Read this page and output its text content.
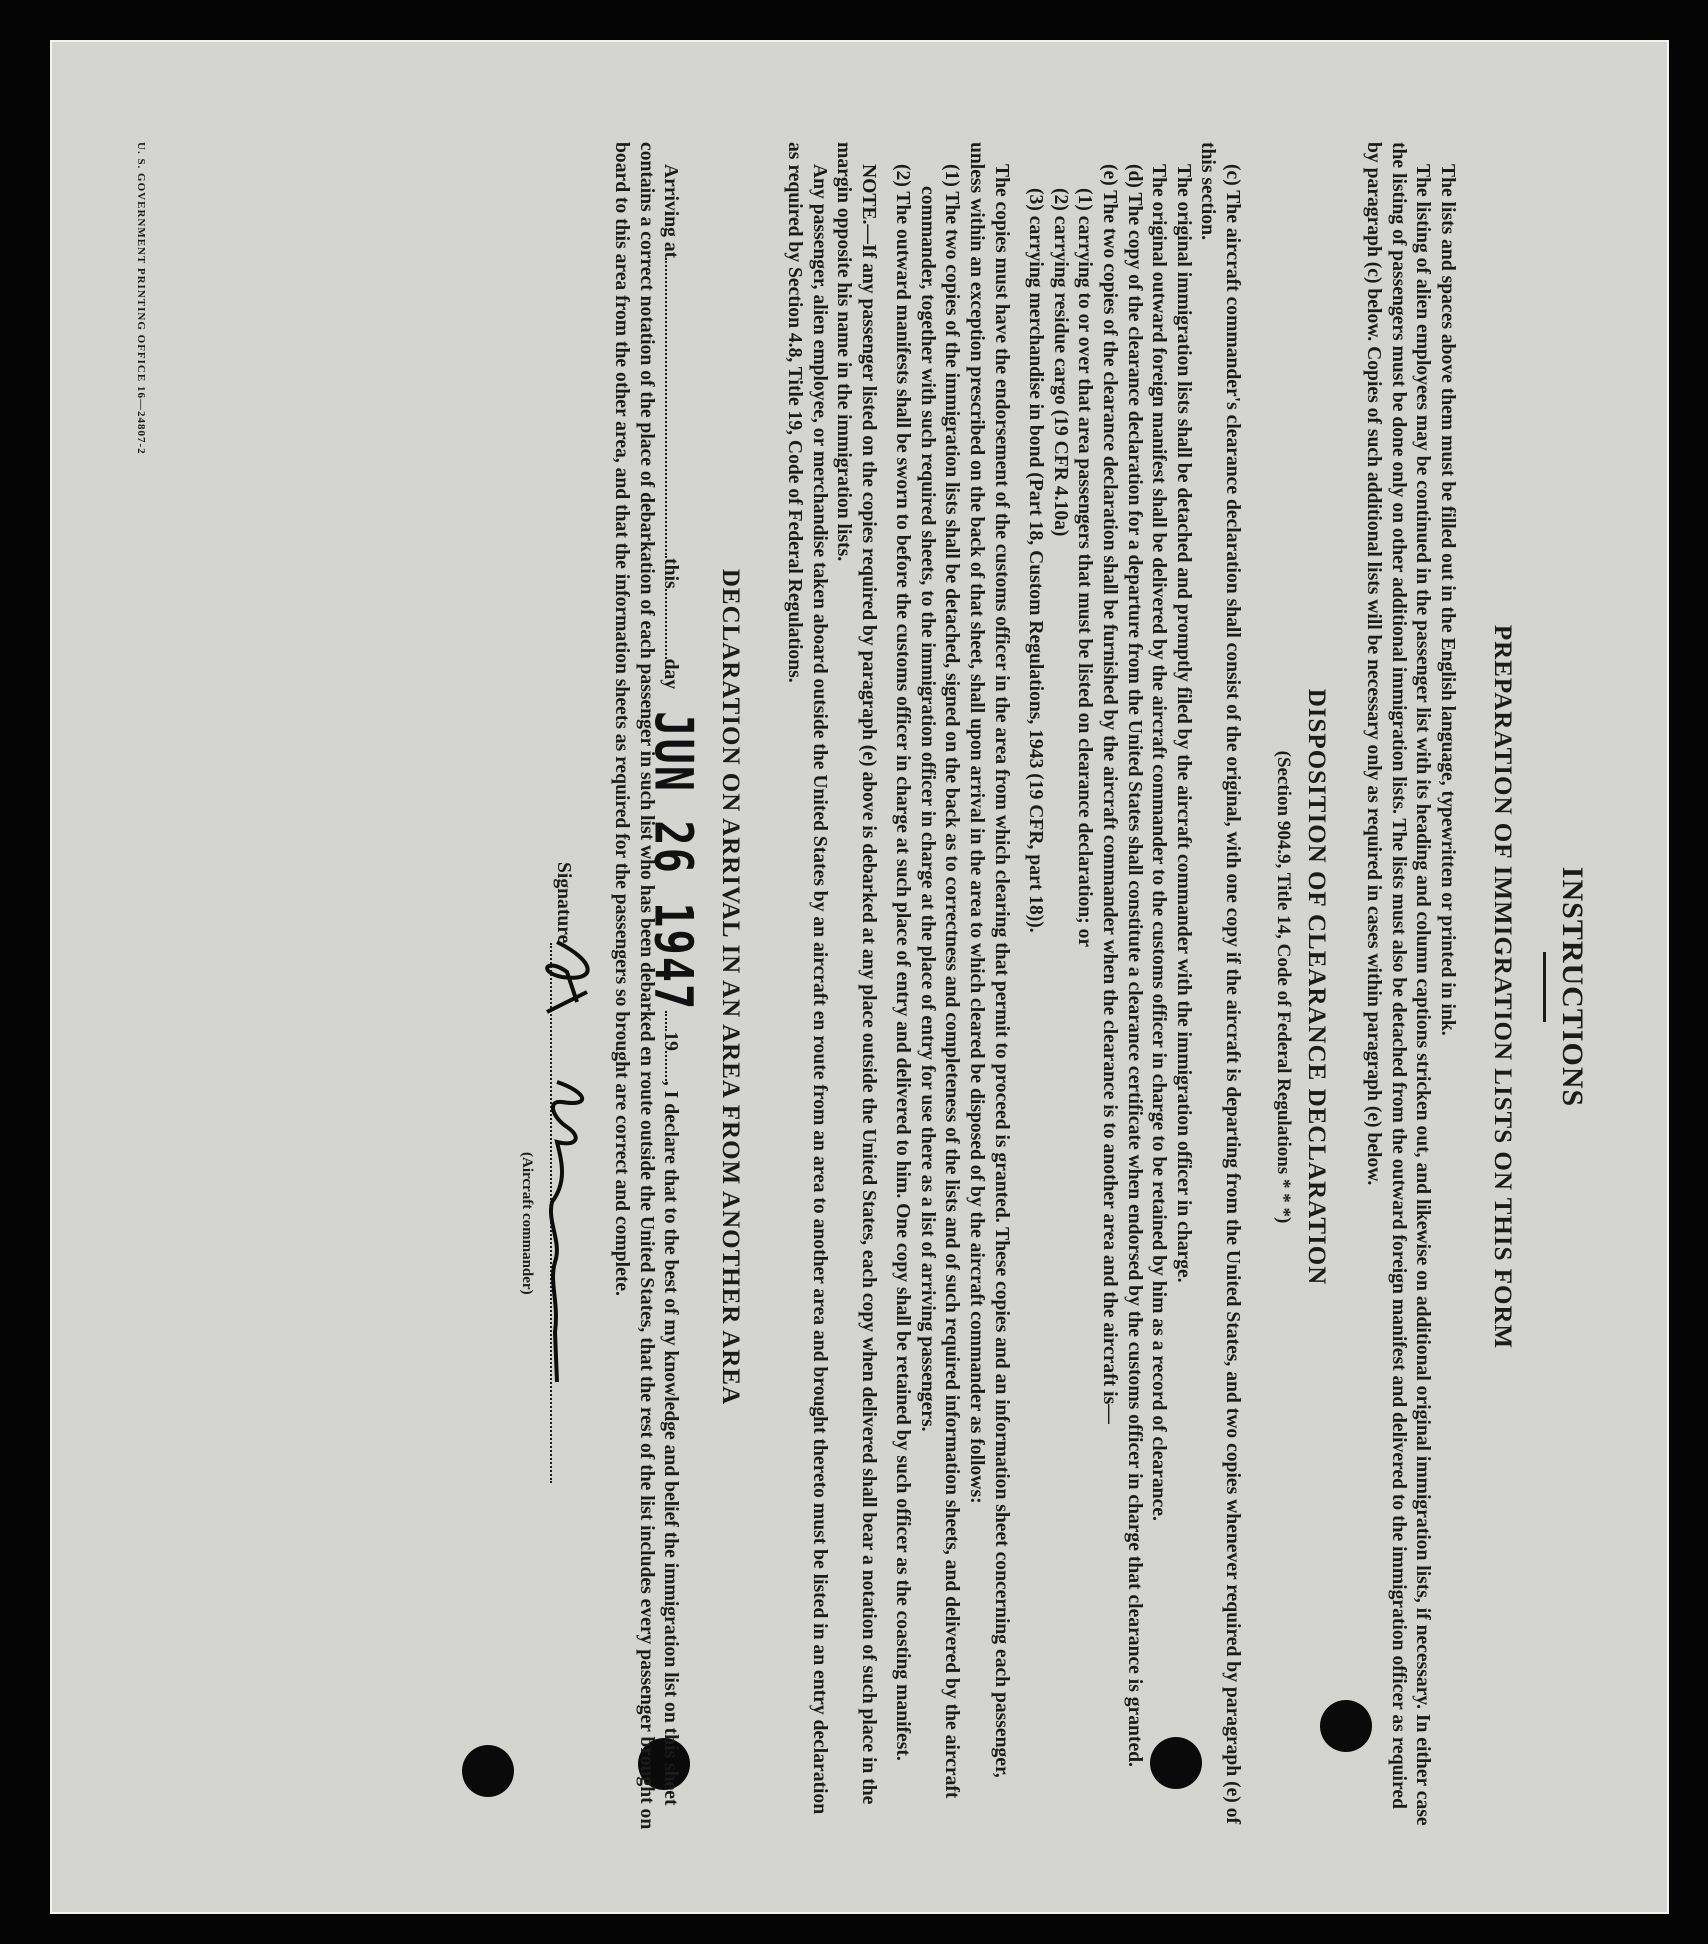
INSTRUCTIONS

PREPARATION OF IMMIGRATION LISTS ON THIS FORM

The lists and spaces above them must be filled out in the English language, typewritten or printed in ink.

The listing of alien employees may be continued in the passenger list with its heading and column captions stricken out, and likewise on additional original immigration lists, if necessary. In either case the listing of passengers must be done only on other additional immigration lists. The lists must also be detached from the outward foreign manifest and delivered to the immigration officer as required by paragraph (c) below. Copies of such additional lists will be necessary only as required in cases within paragraph (e) below.

DISPOSITION OF CLEARANCE DECLARATION

(Section 904.9, Title 14, Code of Federal Regulations * * *)

(c) The aircraft commander's clearance declaration shall consist of the original, with one copy if the aircraft is departing from the United States, and two copies whenever required by paragraph (e) of this section.

The original immigration lists shall be detached and promptly filed by the aircraft commander with the immigration officer in charge.

The original outward foreign manifest shall be delivered by the aircraft commander to the customs officer in charge to be retained by him as a record of clearance.

(d) The copy of the clearance declaration for a departure from the United States shall constitute a clearance certificate when endorsed by the customs officer in charge that clearance is granted.

(e) The two copies of the clearance declaration shall be furnished by the aircraft commander when the clearance is to another area and the aircraft is—

(1) carrying to or over that area passengers that must be listed on clearance declaration; or

(2) carrying residue cargo (19 CFR 4.10a)

(3) carrying merchandise in bond (Part 18, Custom Regulations, 1943 (19 CFR, part 18)).

The copies must have the endorsement of the customs officer in the area from which clearing that permit to proceed is granted. These copies and an information sheet concerning each passenger, unless within an exception prescribed on the back of that sheet, shall upon arrival in the area to which cleared be disposed of by the aircraft commander as follows:

(1) The two copies of the immigration lists shall be detached, signed on the back as to correctness and completeness of the lists and of such required information sheets, and delivered by the aircraft commander, together with such required sheets, to the immigration officer in charge at the place of entry for use there as a list of arriving passengers.

(2) The outward manifests shall be sworn to before the customs officer in charge at such place of entry and delivered to him. One copy shall be retained by such officer as the coasting manifest.

NOTE.—If any passenger listed on the copies required by paragraph (e) above is debarked at any place outside the United States, each copy when delivered shall bear a notation of such place in the margin opposite his name in the immigration lists.

Any passenger, alien employee, or merchandise taken aboard outside the United States by an aircraft en route from an area to another area and brought thereto must be listed in an entry declaration as required by Section 4.8, Title 19, Code of Federal Regulations.

DECLARATION ON ARRIVAL IN AN AREA FROM ANOTHER AREA

Arriving atthisdayJUN 26 194719, I declare that to the best of my knowledge and belief the immigration list on this sheet contains a correct notation of the place of debarkation of each passenger in such list who has been debarked en route outside the United States, that the rest of the list includes every passenger brought on board to this area from the other area, and that the information sheets as required for the passengers so brought are correct and complete.

Signature
(Aircraft commander)

U. S. GOVERNMENT PRINTING OFFICE 16—24807-2
